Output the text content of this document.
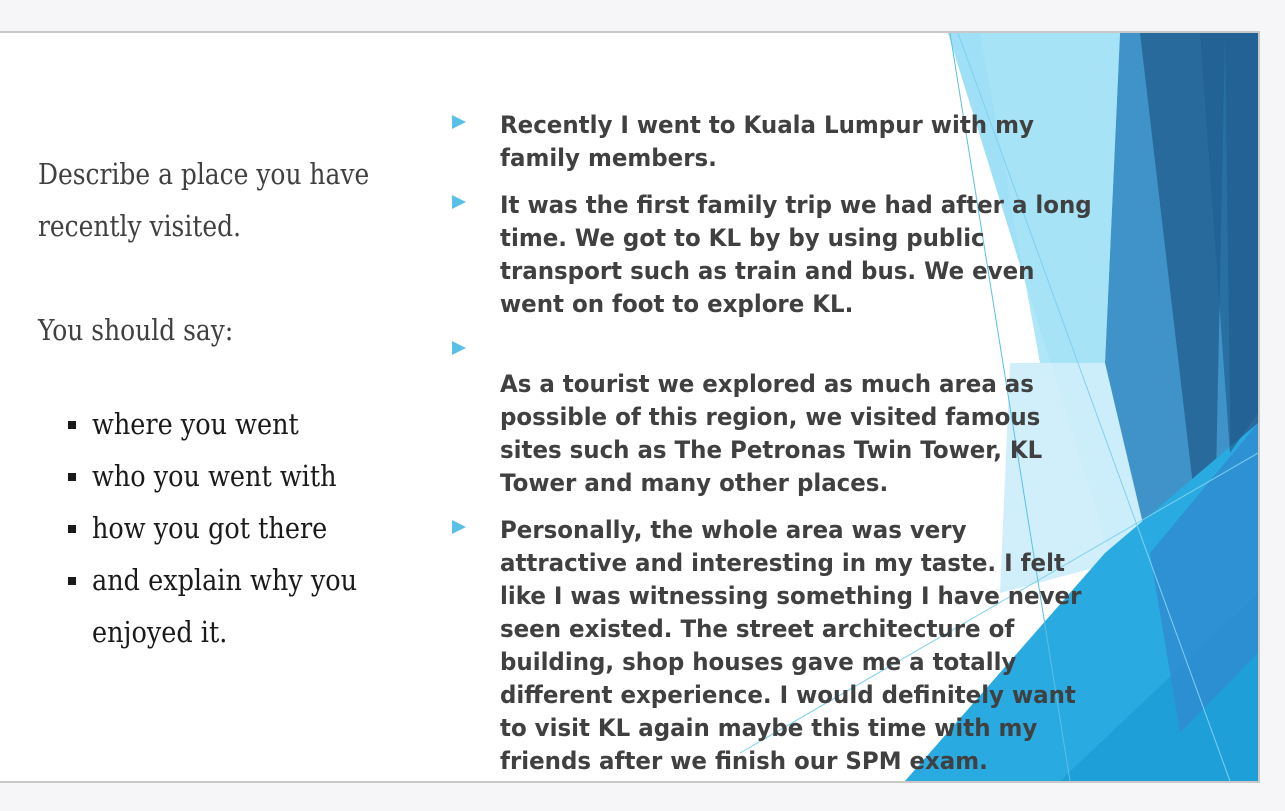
Describe a place you have recently visited.

You should say:

where you went
who you went with
how you got there
and explain why you enjoyed it.
Recently I went to Kuala Lumpur with my
family members.
It was the first family trip we had after a long
time. We got to KL by by using public
transport such as train and bus. We even
went on foot to explore KL.

As a tourist we explored as much area as
possible of this region, we visited famous
sites such as The Petronas Twin Tower, KL
Tower and many other places.
Personally, the whole area was very
attractive and interesting in my taste. I felt
like I was witnessing something I have never
seen existed. The street architecture of
building, shop houses gave me a totally
different experience. I would definitely want
to visit KL again maybe this time with my
friends after we finish our SPM exam.
